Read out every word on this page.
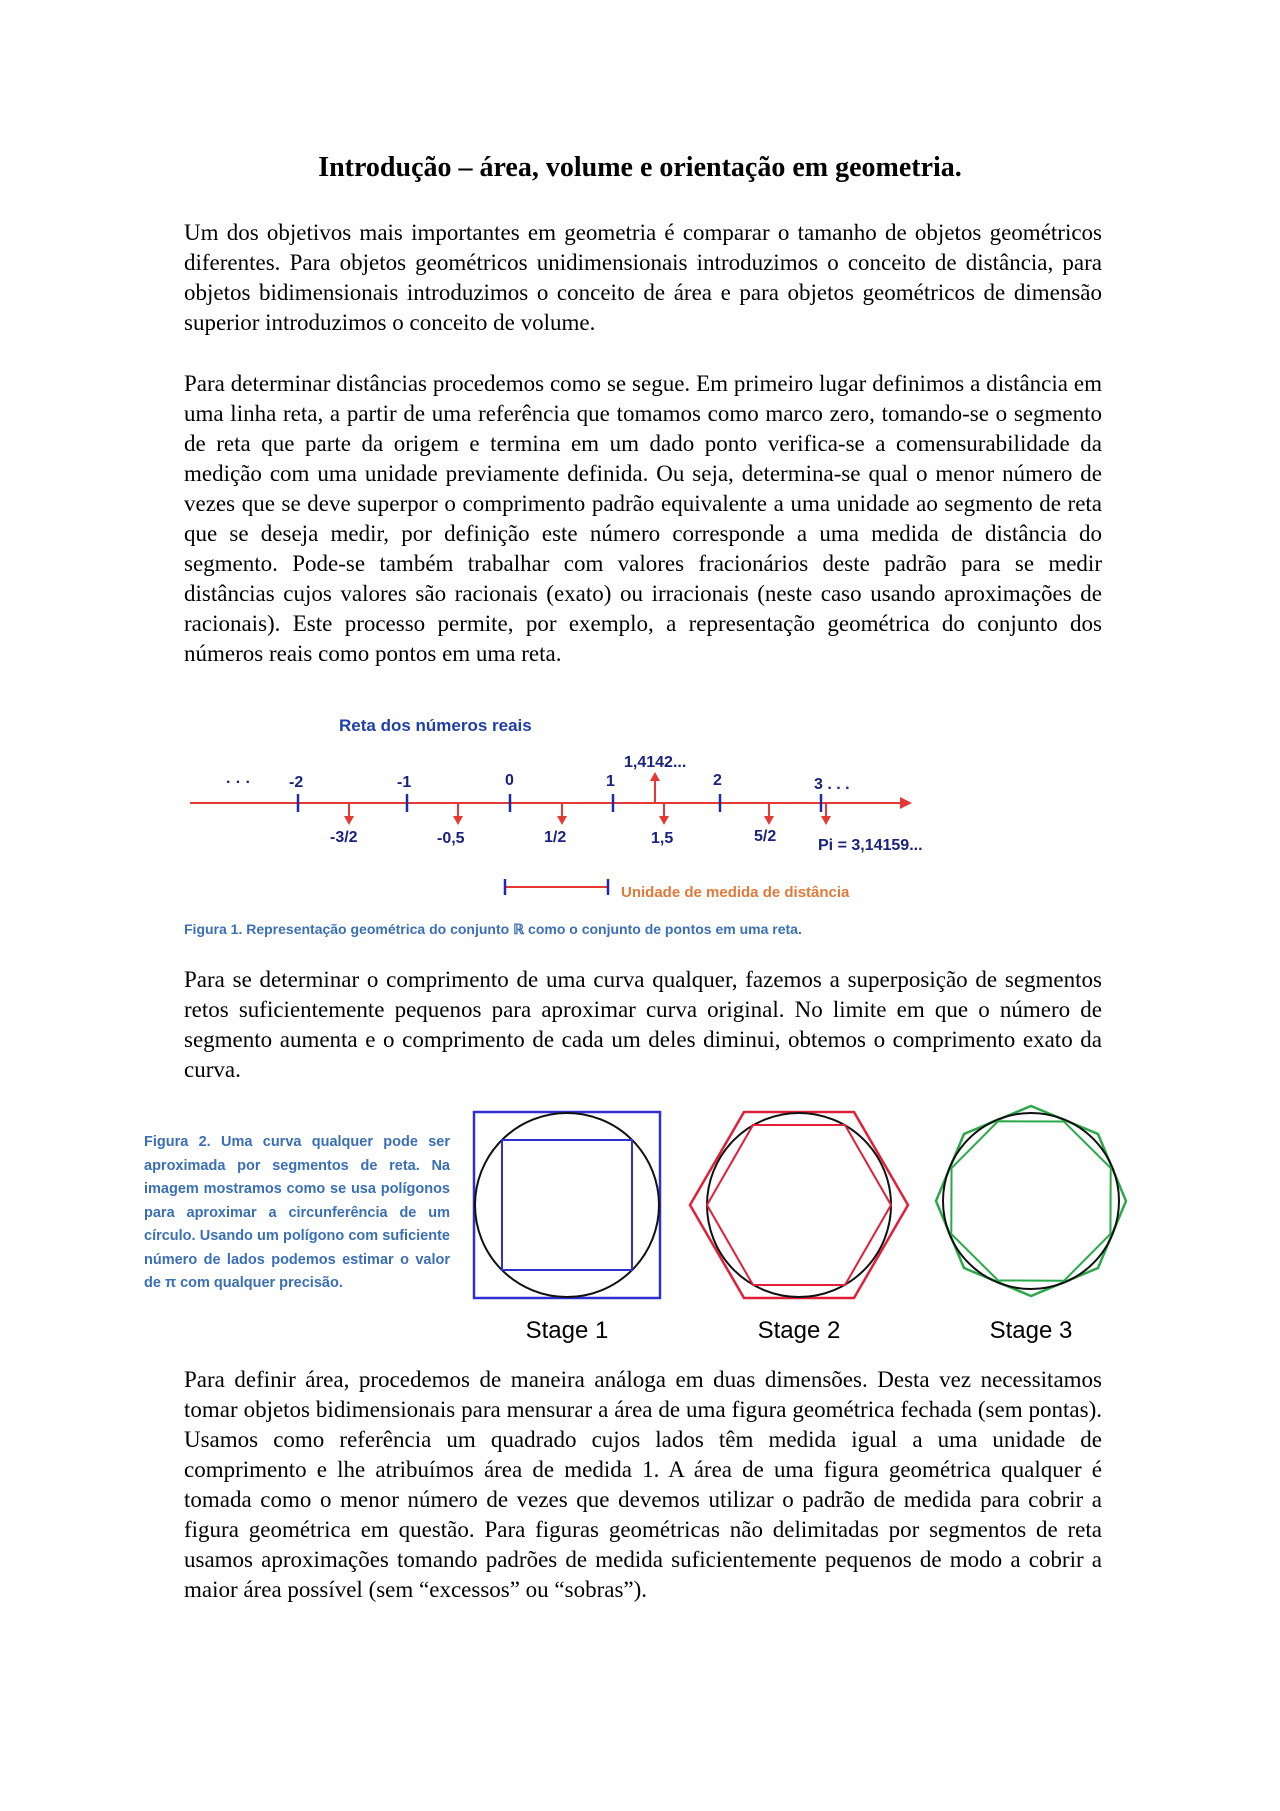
Introdução – área, volume e orientação em geometria.

Um dos objetivos mais importantes em geometria é comparar o tamanho de objetos geométricos diferentes. Para objetos geométricos unidimensionais introduzimos o conceito de distância, para objetos bidimensionais introduzimos o conceito de área e para objetos geométricos de dimensão superior introduzimos o conceito de volume.

Para determinar distâncias procedemos como se segue. Em primeiro lugar definimos a distância em uma linha reta, a partir de uma referência que tomamos como marco zero, tomando-se o segmento de reta que parte da origem e termina em um dado ponto verifica-se a comensurabilidade da medição com uma unidade previamente definida. Ou seja, determina-se qual o menor número de vezes que se deve superpor o comprimento padrão equivalente a uma unidade ao segmento de reta que se deseja medir, por definição este número corresponde a uma medida de distância do segmento. Pode-se também trabalhar com valores fracionários deste padrão para se medir distâncias cujos valores são racionais (exato) ou irracionais (neste caso usando aproximações de racionais). Este processo permite, por exemplo, a representação geométrica do conjunto dos números reais como pontos em uma reta.

Reta dos números reais
· · · -2	-1	0	1	2	3 . . .
1,4142...
-3/2	-0,5	1/2	1,5	5/2
Pi = 3,14159...
Unidade de medida de distância
Figura 1. Representação geométrica do conjunto ℝ como o conjunto de pontos em uma reta.

Para se determinar o comprimento de uma curva qualquer, fazemos a superposição de segmentos retos suficientemente pequenos para aproximar curva original. No limite em que o número de segmento aumenta e o comprimento de cada um deles diminui, obtemos o comprimento exato da curva.

Figura 2. Uma curva qualquer pode ser aproximada por segmentos de reta. Na imagem mostramos como se usa polígonos para aproximar a circunferência de um círculo. Usando um polígono com suficiente número de lados podemos estimar o valor de π com qualquer precisão.
Stage 1	Stage 2	Stage 3

Para definir área, procedemos de maneira análoga em duas dimensões. Desta vez necessitamos tomar objetos bidimensionais para mensurar a área de uma figura geométrica fechada (sem pontas). Usamos como referência um quadrado cujos lados têm medida igual a uma unidade de comprimento e lhe atribuímos área de medida 1. A área de uma figura geométrica qualquer é tomada como o menor número de vezes que devemos utilizar o padrão de medida para cobrir a figura geométrica em questão. Para figuras geométricas não delimitadas por segmentos de reta usamos aproximações tomando padrões de medida suficientemente pequenos de modo a cobrir a maior área possível (sem “excessos” ou “sobras”).
